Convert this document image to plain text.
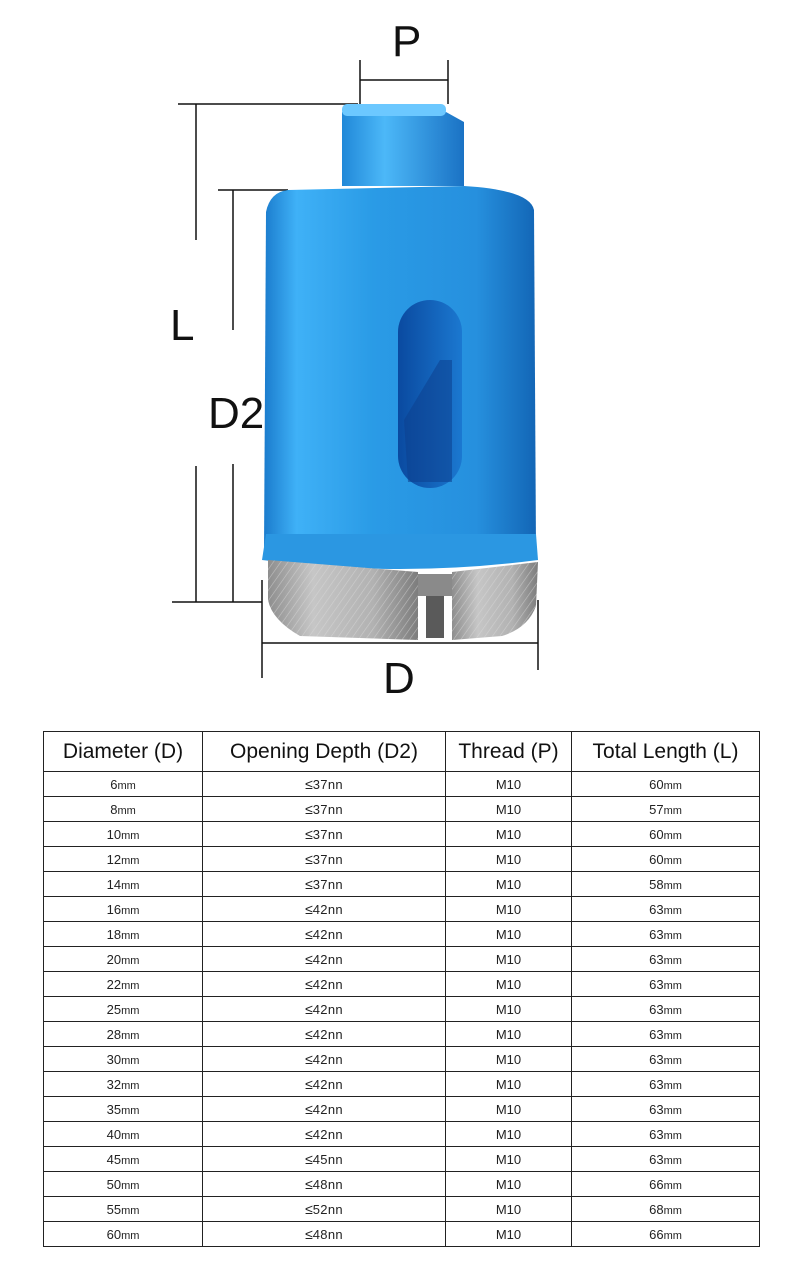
P
L
D2
D
Diameter (D)	Opening Depth (D2)	Thread (P)	Total Length (L)
6mm	≤37nn	M10	60mm
8mm	≤37nn	M10	57mm
10mm	≤37nn	M10	60mm
12mm	≤37nn	M10	60mm
14mm	≤37nn	M10	58mm
16mm	≤42nn	M10	63mm
18mm	≤42nn	M10	63mm
20mm	≤42nn	M10	63mm
22mm	≤42nn	M10	63mm
25mm	≤42nn	M10	63mm
28mm	≤42nn	M10	63mm
30mm	≤42nn	M10	63mm
32mm	≤42nn	M10	63mm
35mm	≤42nn	M10	63mm
40mm	≤42nn	M10	63mm
45mm	≤45nn	M10	63mm
50mm	≤48nn	M10	66mm
55mm	≤52nn	M10	68mm
60mm	≤48nn	M10	66mm
